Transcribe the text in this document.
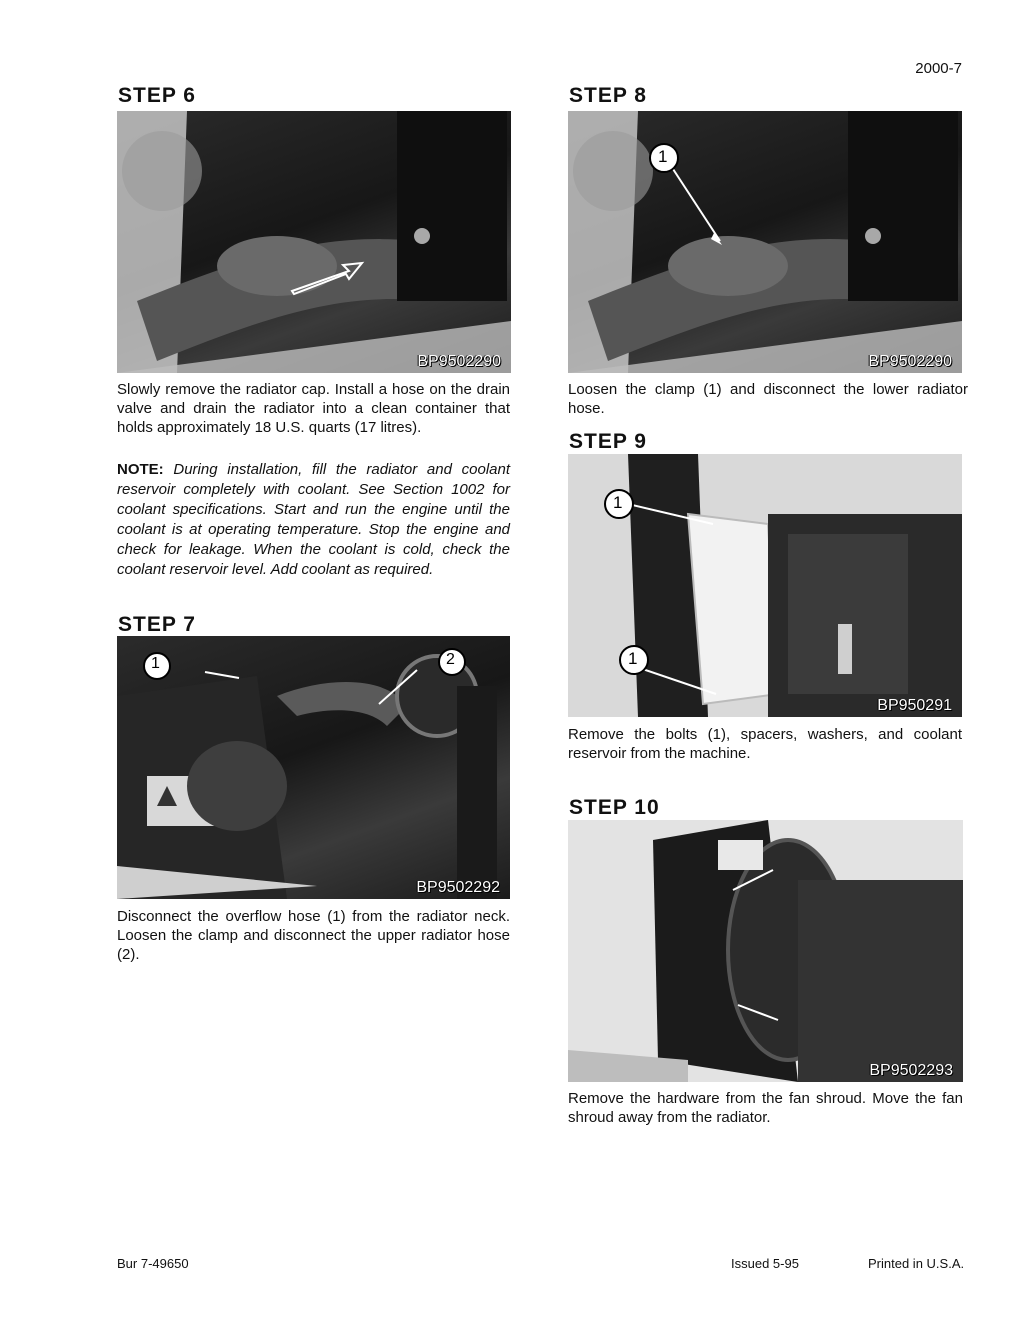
2000-7
STEP 6
BP9502290
Slowly remove the radiator cap. Install a hose on the drain valve and drain the radiator into a clean container that holds approximately 18 U.S. quarts (17 litres).
NOTE: During installation, fill the radiator and coolant reservoir completely with coolant. See Section 1002 for coolant specifications. Start and run the engine until the coolant is at operating temperature. Stop the engine and check for leakage. When the coolant is cold, check the coolant reservoir level. Add coolant as required.
STEP 7
1	2
BP9502292
Disconnect the overflow hose (1) from the radiator neck. Loosen the clamp and disconnect the upper radiator hose (2).
STEP 8
1
BP9502290
Loosen the clamp (1) and disconnect the lower radiator hose.
STEP 9
1
1
BP950291
Remove the bolts (1), spacers, washers, and coolant reservoir from the machine.
STEP 10
BP9502293
Remove the hardware from the fan shroud. Move the fan shroud away from the radiator.
Bur 7-49650	Issued 5-95	Printed in U.S.A.
